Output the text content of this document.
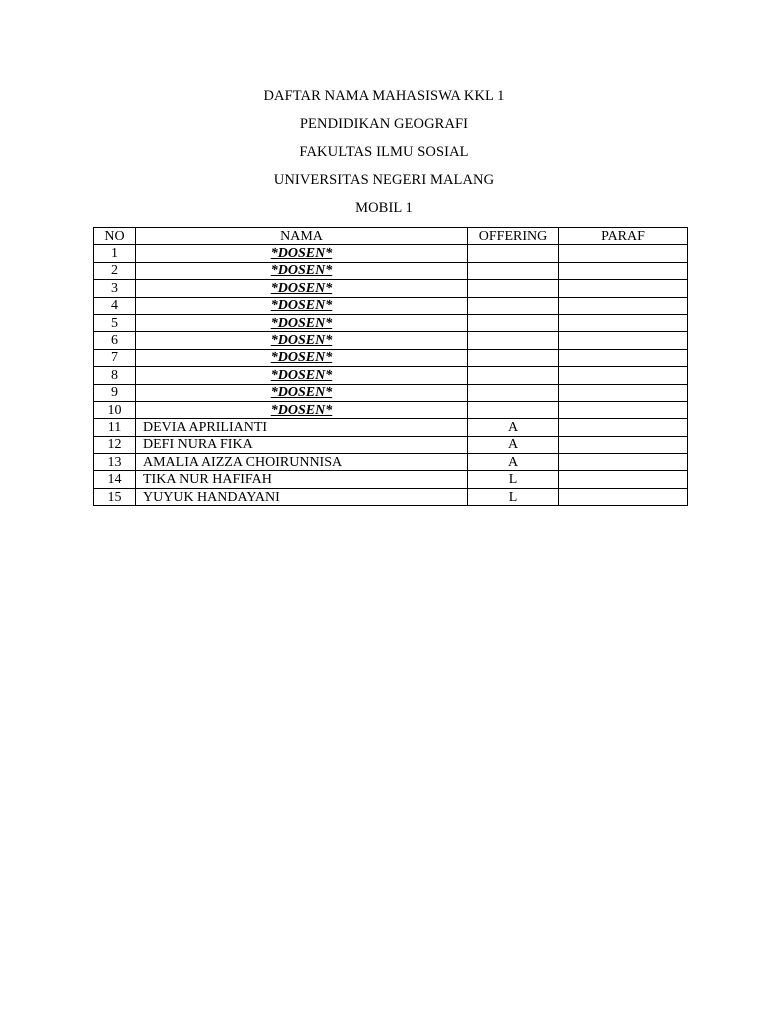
DAFTAR NAMA MAHASISWA KKL 1
PENDIDIKAN GEOGRAFI
FAKULTAS ILMU SOSIAL
UNIVERSITAS NEGERI MALANG
MOBIL 1
NO	NAMA	OFFERING	PARAF
1	*DOSEN*		
2	*DOSEN*		
3	*DOSEN*		
4	*DOSEN*		
5	*DOSEN*		
6	*DOSEN*		
7	*DOSEN*		
8	*DOSEN*		
9	*DOSEN*		
10	*DOSEN*		
11	DEVIA APRILIANTI	A	
12	DEFI NURA FIKA	A	
13	AMALIA AIZZA CHOIRUNNISA	A	
14	TIKA NUR HAFIFAH	L	
15	YUYUK HANDAYANI	L	
